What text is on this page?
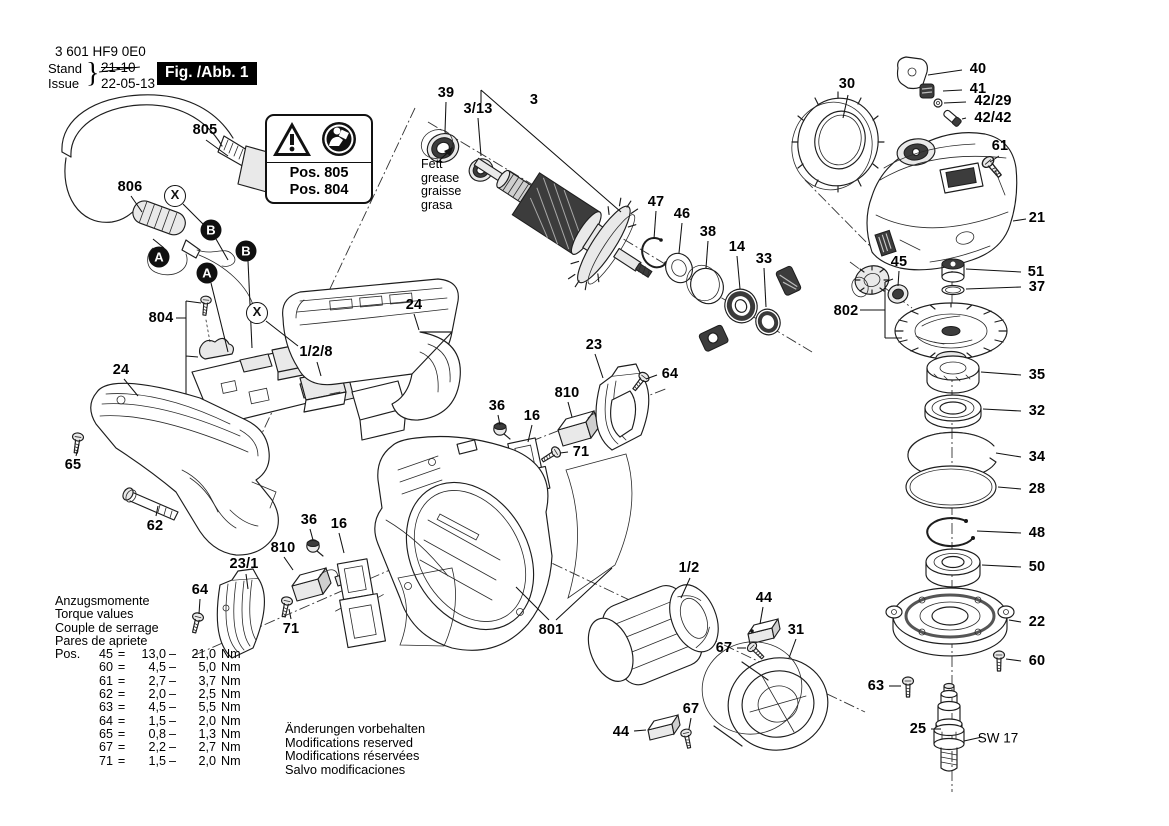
3 601 HF9 0E0
Stand
Issue } 21-10
22-05-13
Fig. /Abb. 1
Pos. 805
Pos. 804
Fett
grease
graisse
grasa
Anzugsmomente
Torque values
Couple de serrage
Pares de apriete
Pos.	45 =	13,0 –	21,0 Nm
60 =	4,5 –	5,0 Nm
61 =	2,7 –	3,7 Nm
62 =	2,0 –	2,5 Nm
63 =	4,5 –	5,5 Nm
64 =	1,5 –	2,0 Nm
65 =	0,8 –	1,3 Nm
67 =	2,2 –	2,7 Nm
71 =	1,5 –	2,0 Nm
Änderungen vorbehalten
Modifications reserved
Modifications réservées
Salvo modificaciones
805
806
804
24
1/2/8
24
65
62
23/1
64
810
36 16
71
39
3/13
3
47
46
38
14
33
30
40
41
42/29
42/42
61
21
45
51
37
802
35
32
34
28
48
50
22
60
63
25
23
64
810
36
16
71
801
1/2
44
67
31
44
67
X
B
A	B
A
X
SW 17
